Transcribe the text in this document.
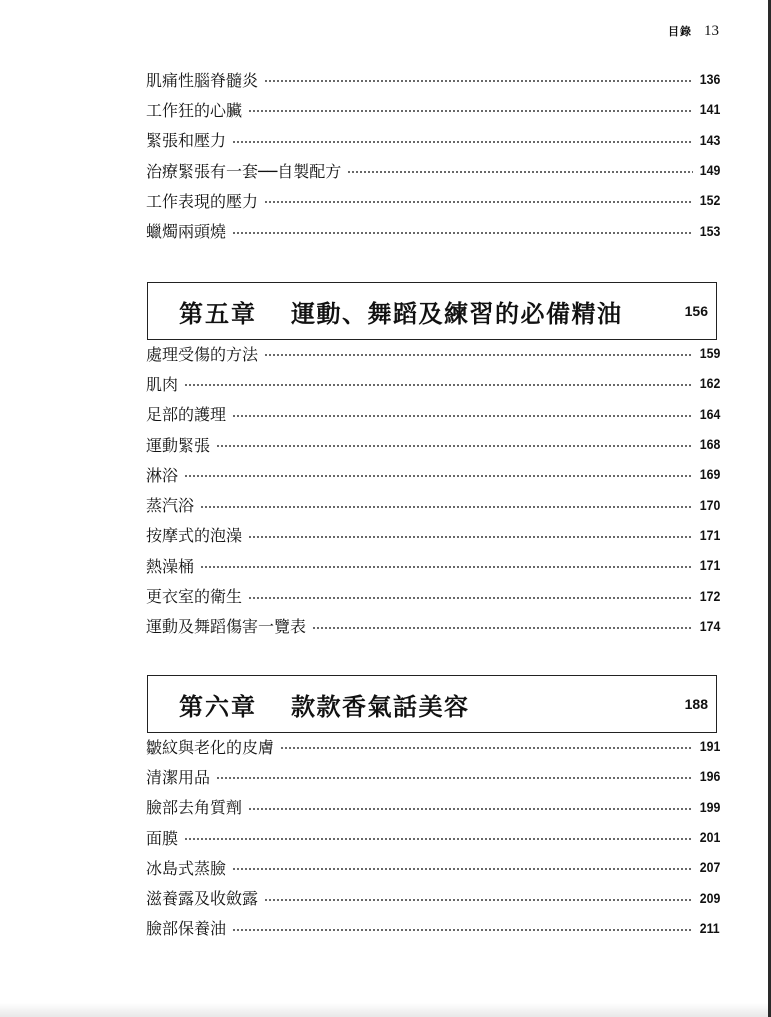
目錄 13
肌痛性腦脊髓炎	136
工作狂的心臟	141
緊張和壓力	143
治療緊張有一套──自製配方	149
工作表現的壓力	152
蠟燭兩頭燒	153
第五章 運動、舞蹈及練習的必備精油	156
處理受傷的方法	159
肌肉	162
足部的護理	164
運動緊張	168
淋浴	169
蒸汽浴	170
按摩式的泡澡	171
熱澡桶	171
更衣室的衛生	172
運動及舞蹈傷害一覽表	174
第六章 款款香氣話美容	188
皺紋與老化的皮膚	191
清潔用品	196
臉部去角質劑	199
面膜	201
冰島式蒸臉	207
滋養露及收斂露	209
臉部保養油	211
